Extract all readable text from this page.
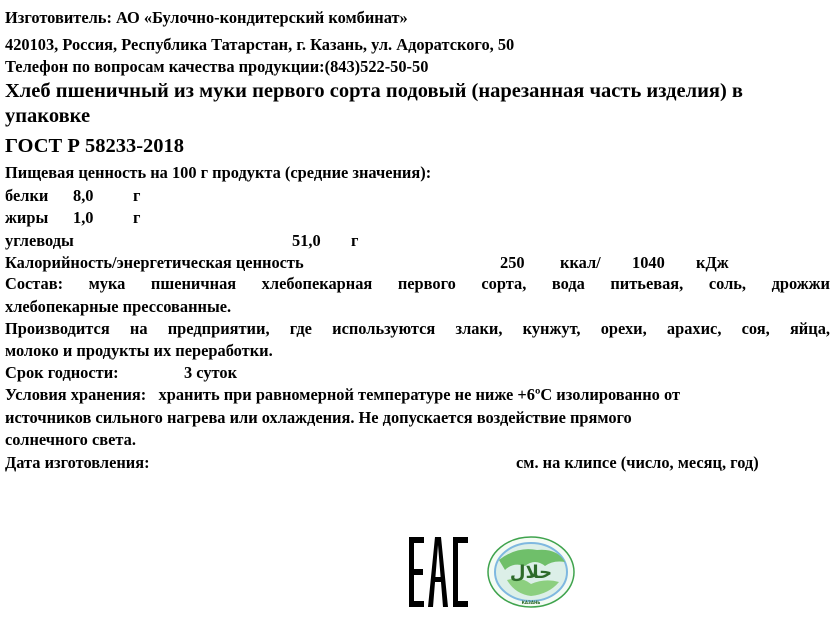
Изготовитель: АО «Булочно-кондитерский комбинат»
420103, Россия, Республика Татарстан, г. Казань, ул. Адоратского, 50
Телефон по вопросам качества продукции:(843)522-50-50
Хлеб пшеничный из муки первого сорта подовый (нарезанная часть изделия) в
упаковке
ГОСТ Р 58233-2018
Пищевая ценность на 100 г продукта (средние значения):
белки 8,0 г
жиры 1,0 г
углеводы	51,0 г
Калорийность/энергетическая ценность	250 ккал/ 1040 кДж
Состав: мука пшеничная хлебопекарная первого сорта, вода питьевая, соль, дрожжи
хлебопекарные прессованные.
Производится на предприятии, где используются злаки, кунжут, орехи, арахис, соя, яйца,
молоко и продукты их переработки.
Срок годности:	3 суток
Условия хранения:   хранить при равномерной температуре не ниже +6ºС изолированно от
источников сильного нагрева или охлаждения. Не допускается воздействие прямого
солнечного света.
Дата изготовления:	см. на клипсе (число, месяц, год)
حلال
КАЗАНЬ
